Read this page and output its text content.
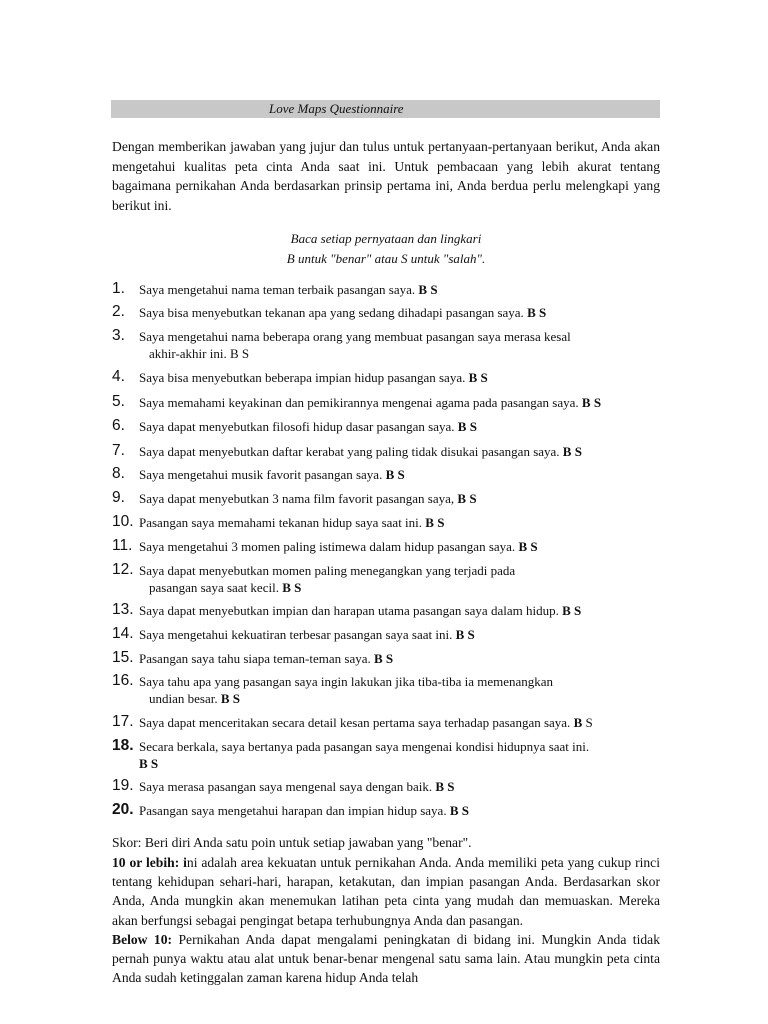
Love Maps Questionnaire
Dengan memberikan jawaban yang jujur dan tulus untuk pertanyaan-pertanyaan berikut, Anda akan mengetahui kualitas peta cinta Anda saat ini. Untuk pembacaan yang lebih akurat tentang bagaimana pernikahan Anda berdasarkan prinsip pertama ini, Anda berdua perlu melengkapi yang berikut ini.
Baca setiap pernyataan dan lingkari
B untuk "benar" atau S untuk "salah".
1. Saya mengetahui nama teman terbaik pasangan saya. B S
2. Saya bisa menyebutkan tekanan apa yang sedang dihadapi pasangan saya. B S
3. Saya mengetahui nama beberapa orang yang membuat pasangan saya merasa kesal
akhir-akhir ini. B S
4. Saya bisa menyebutkan beberapa impian hidup pasangan saya. B S
5. Saya memahami keyakinan dan pemikirannya mengenai agama pada pasangan saya. B S
6. Saya dapat menyebutkan filosofi hidup dasar pasangan saya. B S
7. Saya dapat menyebutkan daftar kerabat yang paling tidak disukai pasangan saya. B S
8. Saya mengetahui musik favorit pasangan saya. B S
9. Saya dapat menyebutkan 3 nama film favorit pasangan saya, B S
10. Pasangan saya memahami tekanan hidup saya saat ini. B S
11. Saya mengetahui 3 momen paling istimewa dalam hidup pasangan saya. B S
12. Saya dapat menyebutkan momen paling menegangkan yang terjadi pada
pasangan saya saat kecil. B S
13. Saya dapat menyebutkan impian dan harapan utama pasangan saya dalam hidup. B S
14. Saya mengetahui kekuatiran terbesar pasangan saya saat ini. B S
15. Pasangan saya tahu siapa teman-teman saya. B S
16. Saya tahu apa yang pasangan saya ingin lakukan jika tiba-tiba ia memenangkan
undian besar. B S
17. Saya dapat menceritakan secara detail kesan pertama saya terhadap pasangan saya. B S
18. Secara berkala, saya bertanya pada pasangan saya mengenai kondisi hidupnya saat ini.
B S
19. Saya merasa pasangan saya mengenal saya dengan baik. B S
20. Pasangan saya mengetahui harapan dan impian hidup saya. B S
Skor: Beri diri Anda satu poin untuk setiap jawaban yang "benar".
10 or lebih: ini adalah area kekuatan untuk pernikahan Anda. Anda memiliki peta yang cukup rinci tentang kehidupan sehari-hari, harapan, ketakutan, dan impian pasangan Anda. Berdasarkan skor Anda, Anda mungkin akan menemukan latihan peta cinta yang mudah dan memuaskan. Mereka akan berfungsi sebagai pengingat betapa terhubungnya Anda dan pasangan.
Below 10: Pernikahan Anda dapat mengalami peningkatan di bidang ini. Mungkin Anda tidak pernah punya waktu atau alat untuk benar-benar mengenal satu sama lain. Atau mungkin peta cinta Anda sudah ketinggalan zaman karena hidup Anda telah
